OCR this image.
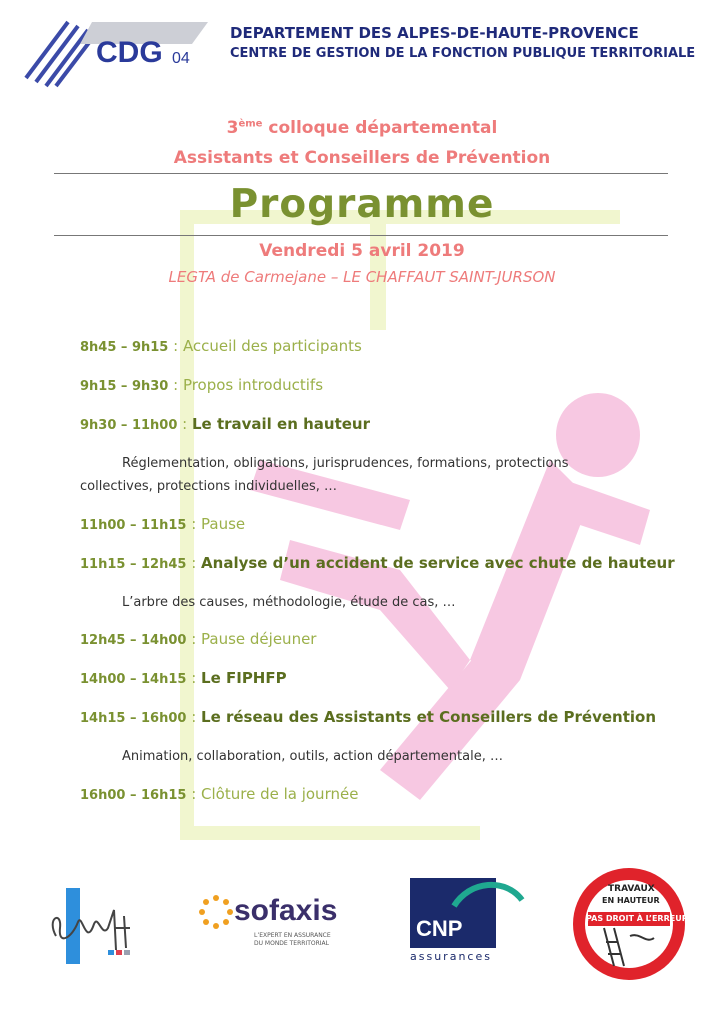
CDG 04
DEPARTEMENT DES ALPES-DE-HAUTE-PROVENCE
CENTRE DE GESTION DE LA FONCTION PUBLIQUE TERRITORIALE
3ème colloque départemental
Assistants et Conseillers de Prévention
Programme
Vendredi 5 avril 2019
LEGTA de Carmejane – LE CHAFFAUT SAINT-JURSON
8h45 – 9h15 : Accueil des participants
9h15 – 9h30 : Propos introductifs
9h30 – 11h00 : Le travail en hauteur
Réglementation, obligations, jurisprudences, formations, protections collectives, protections individuelles, …
11h00 – 11h15 : Pause
11h15 – 12h45 : Analyse d’un accident de service avec chute de hauteur
L’arbre des causes, méthodologie, étude de cas, …
12h45 – 14h00 : Pause déjeuner
14h00 – 14h15 : Le FIPHFP
14h15 – 16h00 : Le réseau des Assistants et Conseillers de Prévention
Animation, collaboration, outils, action départementale, …
16h00 – 16h15 : Clôture de la journée
sofaxis
L’EXPERT EN ASSURANCE
DU MONDE TERRITORIAL
CNP
assurances
TRAVAUX
EN HAUTEUR
PAS DROIT À L’ERREUR
